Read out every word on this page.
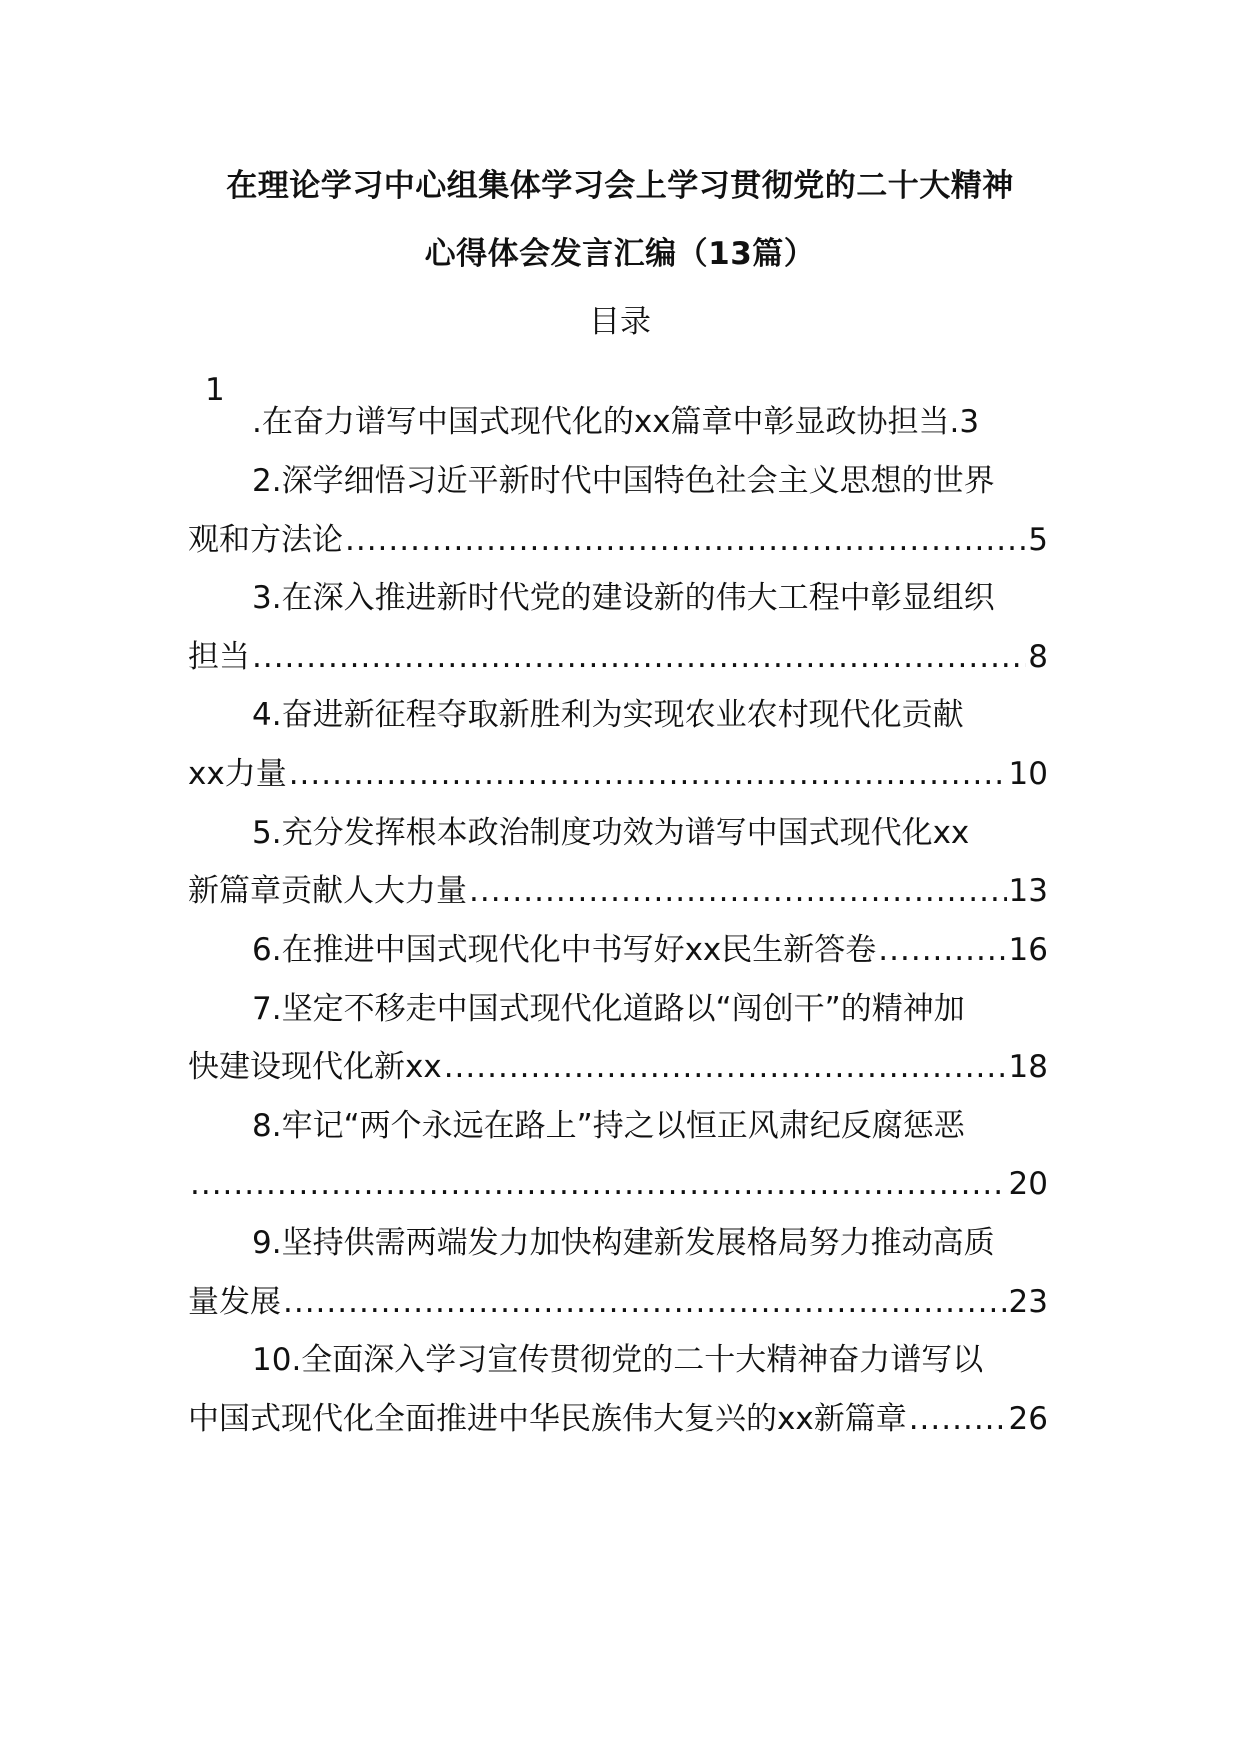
在理论学习中心组集体学习会上学习贯彻党的二十大精神
心得体会发言汇编（13篇）
目录
1
.在奋力谱写中国式现代化的xx篇章中彰显政协担当. 3
2.深学细悟习近平新时代中国特色社会主义思想的世界
观和方法论 .....	5
3.在深入推进新时代党的建设新的伟大工程中彰显组织
担当 .....	8
4.奋进新征程夺取新胜利为实现农业农村现代化贡献
xx力量 .....	10
5.充分发挥根本政治制度功效为谱写中国式现代化xx
新篇章贡献人大力量 .....	13
6.在推进中国式现代化中书写好xx民生新答卷 .....	16
7.坚定不移走中国式现代化道路以“闯创干”的精神加
快建设现代化新xx .....	18
8.牢记“两个永远在路上”持之以恒正风肃纪反腐惩恶
.....
20
9.坚持供需两端发力加快构建新发展格局努力推动高质
量发展 .....	23
10.全面深入学习宣传贯彻党的二十大精神奋力谱写以
中国式现代化全面推进中华民族伟大复兴的xx新篇章 .....	26
